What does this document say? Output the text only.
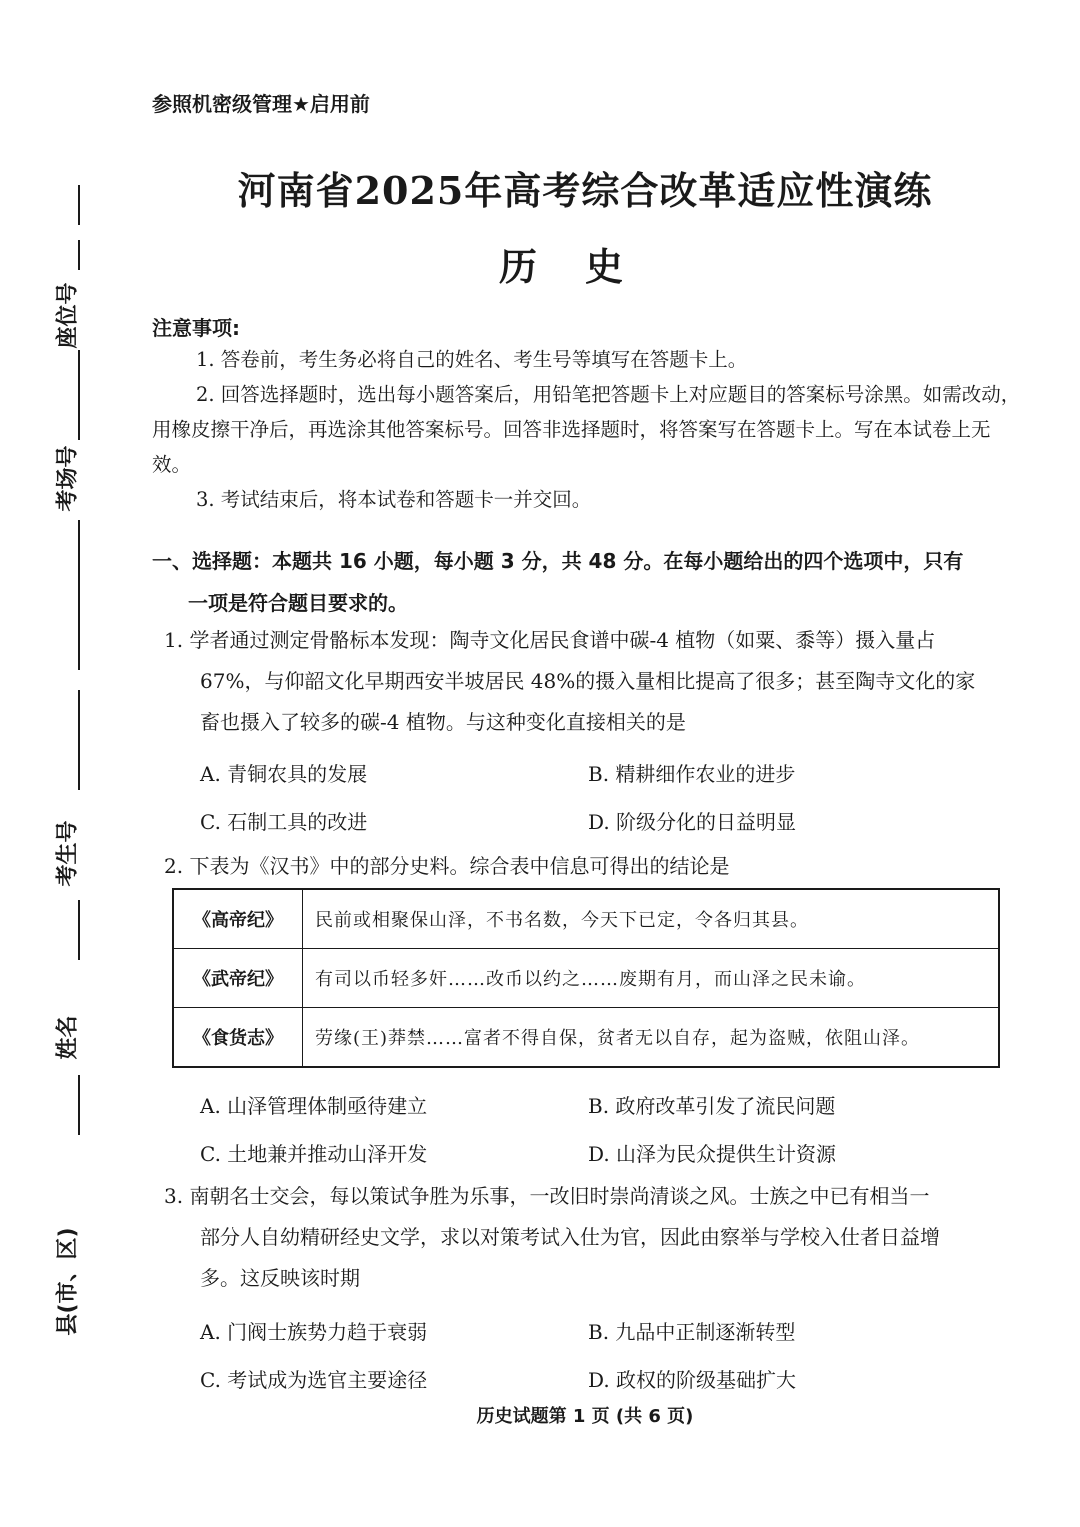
座位号
考场号
考生号
姓名
县(市、区)
参照机密级管理★启用前
河南省2025年高考综合改革适应性演练
历史
注意事项:

1. 答卷前，考生务必将自己的姓名、考生号等填写在答题卡上。

2. 回答选择题时，选出每小题答案后，用铅笔把答题卡上对应题目的答案标号涂黑。如需改动，用橡皮擦干净后，再选涂其他答案标号。回答非选择题时，将答案写在答题卡上。写在本试卷上无效。

3. 考试结束后，将本试卷和答题卡一并交回。

一、选择题：本题共 16 小题，每小题 3 分，共 48 分。在每小题给出的四个选项中，只有
一项是符合题目要求的。
1. 学者通过测定骨骼标本发现：陶寺文化居民食谱中碳-4 植物（如粟、黍等）摄入量占
67%，与仰韶文化早期西安半坡居民 48%的摄入量相比提高了很多；甚至陶寺文化的家
畜也摄入了较多的碳-4 植物。与这种变化直接相关的是
A. 青铜农具的发展	B. 精耕细作农业的进步
C. 石制工具的改进	D. 阶级分化的日益明显
2. 下表为《汉书》中的部分史料。综合表中信息可得出的结论是
《高帝纪》	民前或相聚保山泽，不书名数，今天下已定，令各归其县。
《武帝纪》	有司以币轻多奸……改币以约之……废期有月，而山泽之民未谕。
《食货志》	劳缘(王)莽禁……富者不得自保，贫者无以自存，起为盗贼，依阻山泽。
A. 山泽管理体制亟待建立	B. 政府改革引发了流民问题
C. 土地兼并推动山泽开发	D. 山泽为民众提供生计资源
3. 南朝名士交会，每以策试争胜为乐事，一改旧时崇尚清谈之风。士族之中已有相当一
部分人自幼精研经史文学，求以对策考试入仕为官，因此由察举与学校入仕者日益增
多。这反映该时期
A. 门阀士族势力趋于衰弱	B. 九品中正制逐渐转型
C. 考试成为选官主要途径	D. 政权的阶级基础扩大
历史试题第 1 页 (共 6 页)
